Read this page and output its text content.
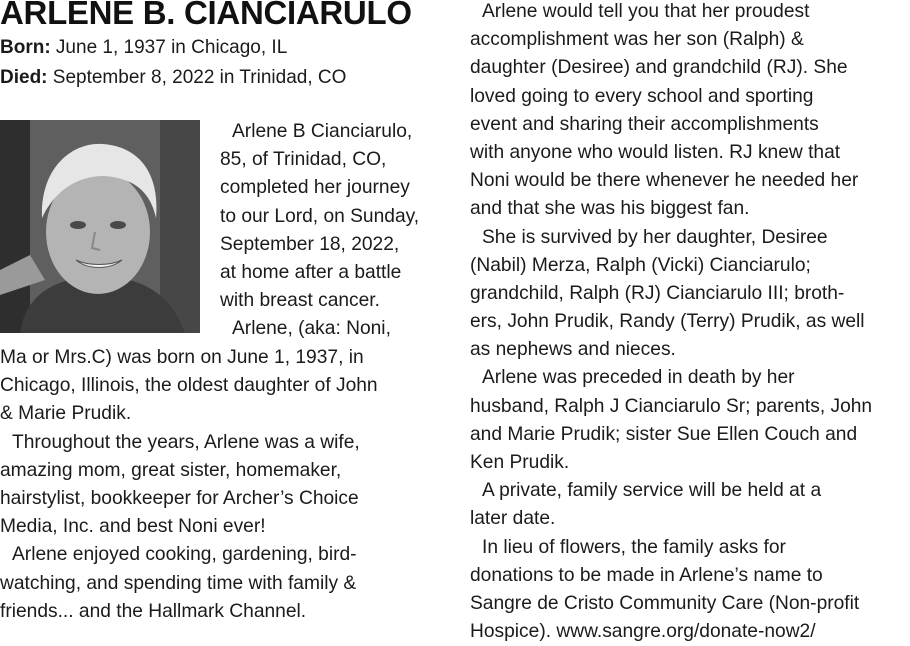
ARLENE B. CIANCIARULO
Born: June 1, 1937 in Chicago, IL
Died: September 8, 2022 in Trinidad, CO
Arlene B Cianciarulo,
85, of Trinidad, CO,
completed her journey
to our Lord, on Sunday,
September 18, 2022,
at home after a battle
with breast cancer.
Arlene, (aka: Noni,
Ma or Mrs.C) was born on June 1, 1937, in
Chicago, Illinois, the oldest daughter of John
& Marie Prudik.
Throughout the years, Arlene was a wife,
amazing mom, great sister, homemaker,
hairstylist, bookkeeper for Archer’s Choice
Media, Inc. and best Noni ever!
Arlene enjoyed cooking, gardening, bird-
watching, and spending time with family &
friends... and the Hallmark Channel.
Arlene would tell you that her proudest
accomplishment was her son (Ralph) &
daughter (Desiree) and grandchild (RJ). She
loved going to every school and sporting
event and sharing their accomplishments
with anyone who would listen. RJ knew that
Noni would be there whenever he needed her
and that she was his biggest fan.
She is survived by her daughter, Desiree
(Nabil) Merza, Ralph (Vicki) Cianciarulo;
grandchild, Ralph (RJ) Cianciarulo III; broth-
ers, John Prudik, Randy (Terry) Prudik, as well
as nephews and nieces.
Arlene was preceded in death by her
husband, Ralph J Cianciarulo Sr; parents, John
and Marie Prudik; sister Sue Ellen Couch and
Ken Prudik.
A private, family service will be held at a
later date.
In lieu of flowers, the family asks for
donations to be made in Arlene’s name to
Sangre de Cristo Community Care (Non-profit
Hospice). www.sangre.org/donate-now2/
